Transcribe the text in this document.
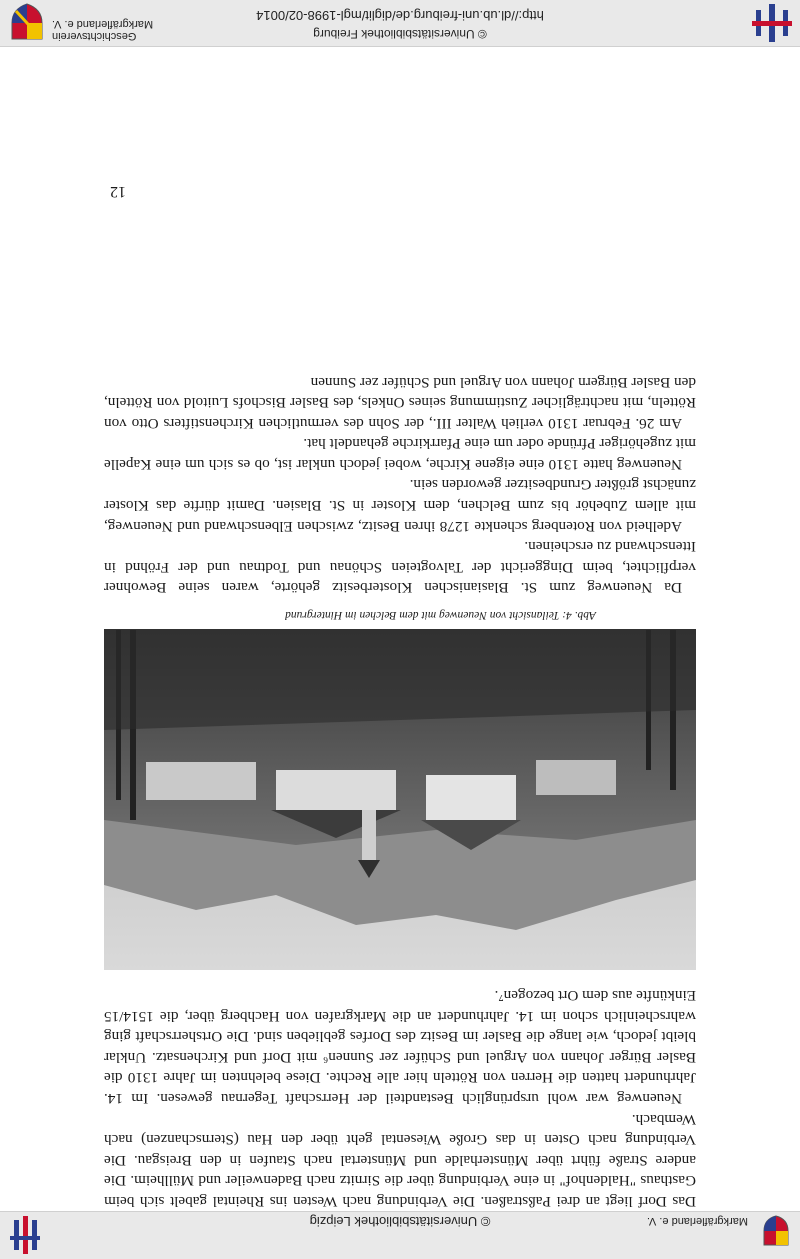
© Universitätsbibliothek Leipzig	Markgräflerland e. V.

Das Dorf liegt an drei Paßstraßen. Die Verbindung nach Westen ins Rheintal gabelt sich beim Gasthaus "Haldenhof" in eine Verbindung über die Sirnitz nach Badenweiler und Müllheim. Die andere Straße führt über Münsterhalde und Münstertal nach Staufen in den Breisgau. Die Verbindung nach Osten in das Große Wiesental geht über den Hau (Sternschanzen) nach Wembach.

Neuenweg war wohl ursprünglich Bestandteil der Herrschaft Tegernau gewesen. Im 14. Jahrhundert hatten die Herren von Rötteln hier alle Rechte. Diese belehnten im Jahre 1310 die Basler Bürger Johann von Arguel und Schüfer zer Sunnen⁶ mit Dorf und Kirchensatz. Unklar bleibt jedoch, wie lange die Basler im Besitz des Dorfes geblieben sind. Die Ortsherrschaft ging wahrscheinlich schon im 14. Jahrhundert an die Markgrafen von Hachberg über, die 1514/15 Einkünfte aus dem Ort bezogen⁷.

Abb. 4: Teilansicht von Neuenweg mit dem Belchen im Hintergrund

Da Neuenweg zum St. Blasianischen Klosterbesitz gehörte, waren seine Bewohner verpflichtet, beim Dinggericht der Talvogteien Schönau und Todtnau und der Fröhnd in Ittenschwand zu erscheinen.

Adelheid von Rotenberg schenkte 1278 ihren Besitz, zwischen Elbenschwand und Neuenweg, mit allem Zubehör bis zum Belchen, dem Kloster in St. Blasien. Damit dürfte das Kloster zunächst größter Grundbesitzer geworden sein.

Neuenweg hatte 1310 eine eigene Kirche, wobei jedoch unklar ist, ob es sich um eine Kapelle mit zugehöriger Pfründe oder um eine Pfarrkirche gehandelt hat.

Am 26. Februar 1310 verlieh Walter III., der Sohn des vermutlichen Kirchenstifters Otto von Rötteln, mit nachträglicher Zustimmung seines Onkels, des Basler Bischofs Luitold von Rötteln, den Basler Bürgern Johann von Arguel und Schüfer zer Sunnen

12
Geschichtsverein
Markgräflerland e. V.
© Universitätsbibliothek Freiburg
http://dl.ub.uni-freiburg.de/diglit/mgl-1998-02/0014
